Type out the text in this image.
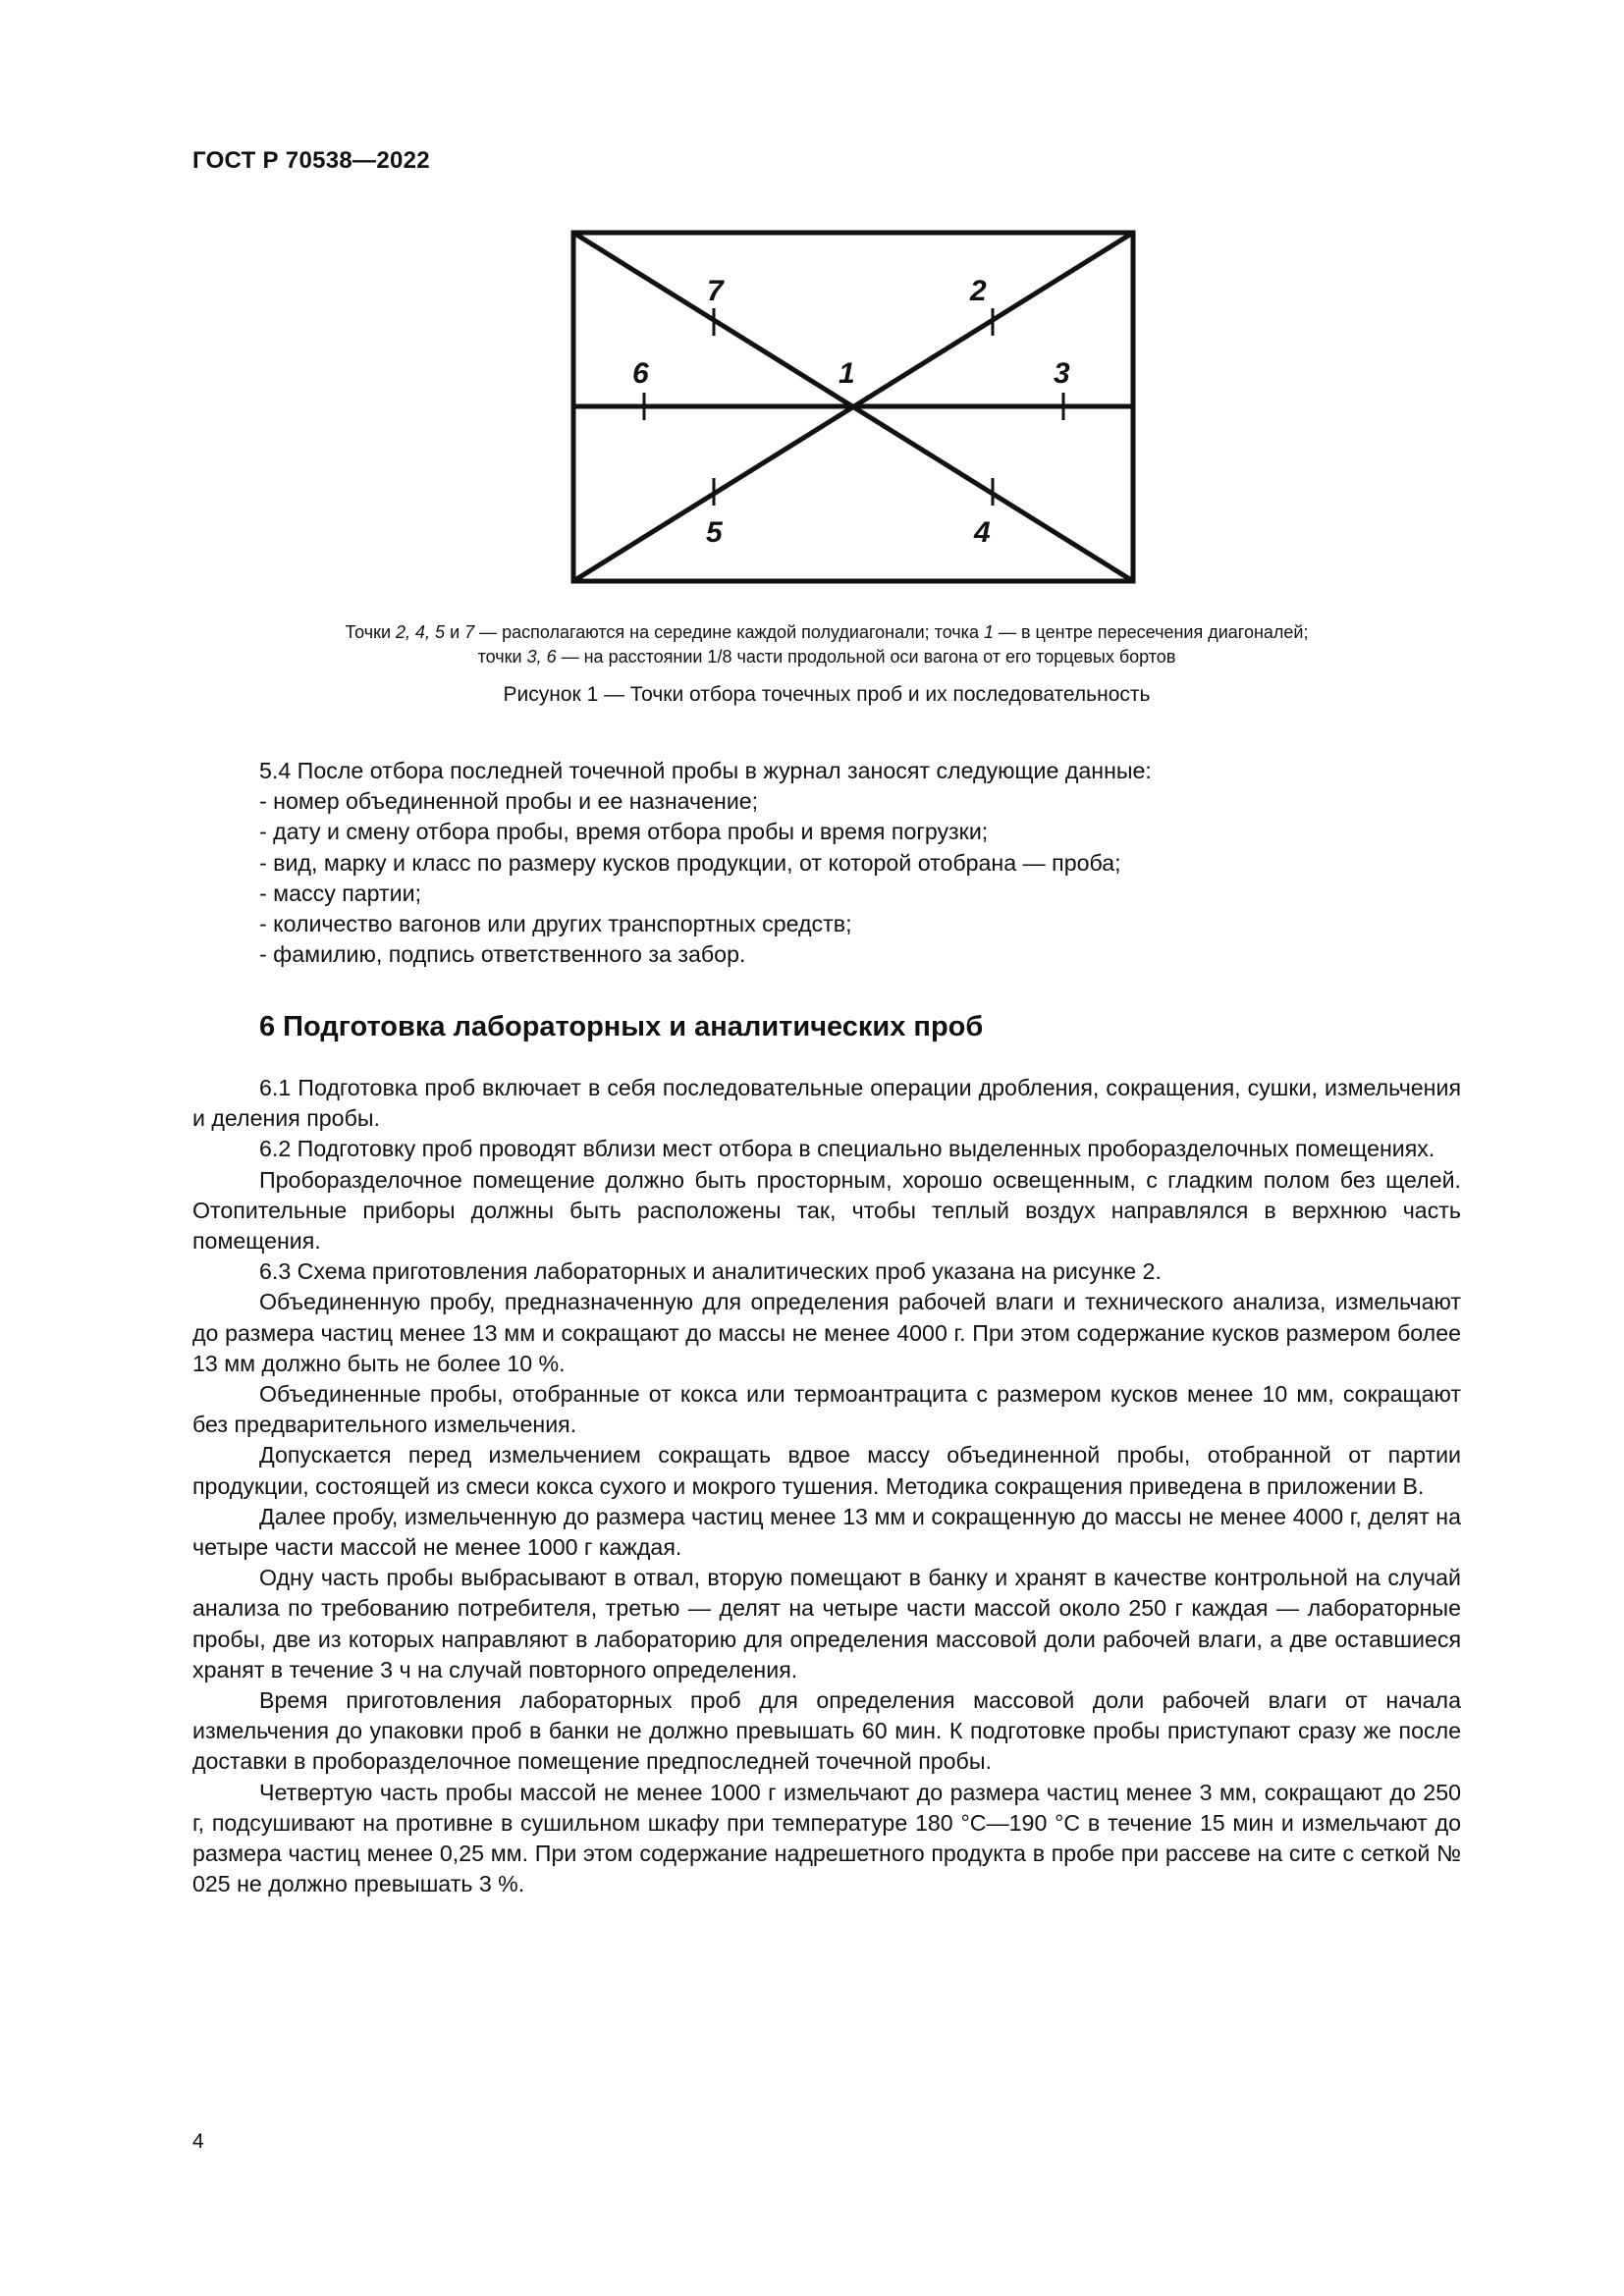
ГОСТ Р 70538—2022
7	2
6	1	3
5	4
Точки 2, 4, 5 и 7 — располагаются на середине каждой полудиагонали; точка 1 — в центре пересечения диагоналей;
точки 3, 6 — на расстоянии 1/8 части продольной оси вагона от его торцевых бортов
Рисунок 1 — Точки отбора точечных проб и их последовательность

5.4 После отбора последней точечной пробы в журнал заносят следующие данные:

- номер объединенной пробы и ее назначение;

- дату и смену отбора пробы, время отбора пробы и время погрузки;

- вид, марку и класс по размеру кусков продукции, от которой отобрана — проба;

- массу партии;

- количество вагонов или других транспортных средств;

- фамилию, подпись ответственного за забор.

6 Подготовка лабораторных и аналитических проб

6.1 Подготовка проб включает в себя последовательные операции дробления, сокращения, сушки, измельчения и деления пробы.

6.2 Подготовку проб проводят вблизи мест отбора в специально выделенных проборазделочных помещениях.

Проборазделочное помещение должно быть просторным, хорошо освещенным, с гладким полом без щелей. Отопительные приборы должны быть расположены так, чтобы теплый воздух направлялся в верхнюю часть помещения.

6.3 Схема приготовления лабораторных и аналитических проб указана на рисунке 2.

Объединенную пробу, предназначенную для определения рабочей влаги и технического анализа, измельчают до размера частиц менее 13 мм и сокращают до массы не менее 4000 г. При этом содержание кусков размером более 13 мм должно быть не более 10 %.

Объединенные пробы, отобранные от кокса или термоантрацита с размером кусков менее 10 мм, сокращают без предварительного измельчения.

Допускается перед измельчением сокращать вдвое массу объединенной пробы, отобранной от партии продукции, состоящей из смеси кокса сухого и мокрого тушения. Методика сокращения приведена в приложении В.

Далее пробу, измельченную до размера частиц менее 13 мм и сокращенную до массы не менее 4000 г, делят на четыре части массой не менее 1000 г каждая.

Одну часть пробы выбрасывают в отвал, вторую помещают в банку и хранят в качестве контрольной на случай анализа по требованию потребителя, третью — делят на четыре части массой около 250 г каждая — лабораторные пробы, две из которых направляют в лабораторию для определения массовой доли рабочей влаги, а две оставшиеся хранят в течение 3 ч на случай повторного определения.

Время приготовления лабораторных проб для определения массовой доли рабочей влаги от начала измельчения до упаковки проб в банки не должно превышать 60 мин. К подготовке пробы приступают сразу же после доставки в проборазделочное помещение предпоследней точечной пробы.

Четвертую часть пробы массой не менее 1000 г измельчают до размера частиц менее 3 мм, сокращают до 250 г, подсушивают на противне в сушильном шкафу при температуре 180 °С—190 °С в течение 15 мин и измельчают до размера частиц менее 0,25 мм. При этом содержание надрешетного продукта в пробе при рассеве на сите с сеткой № 025 не должно превышать 3 %.

4
